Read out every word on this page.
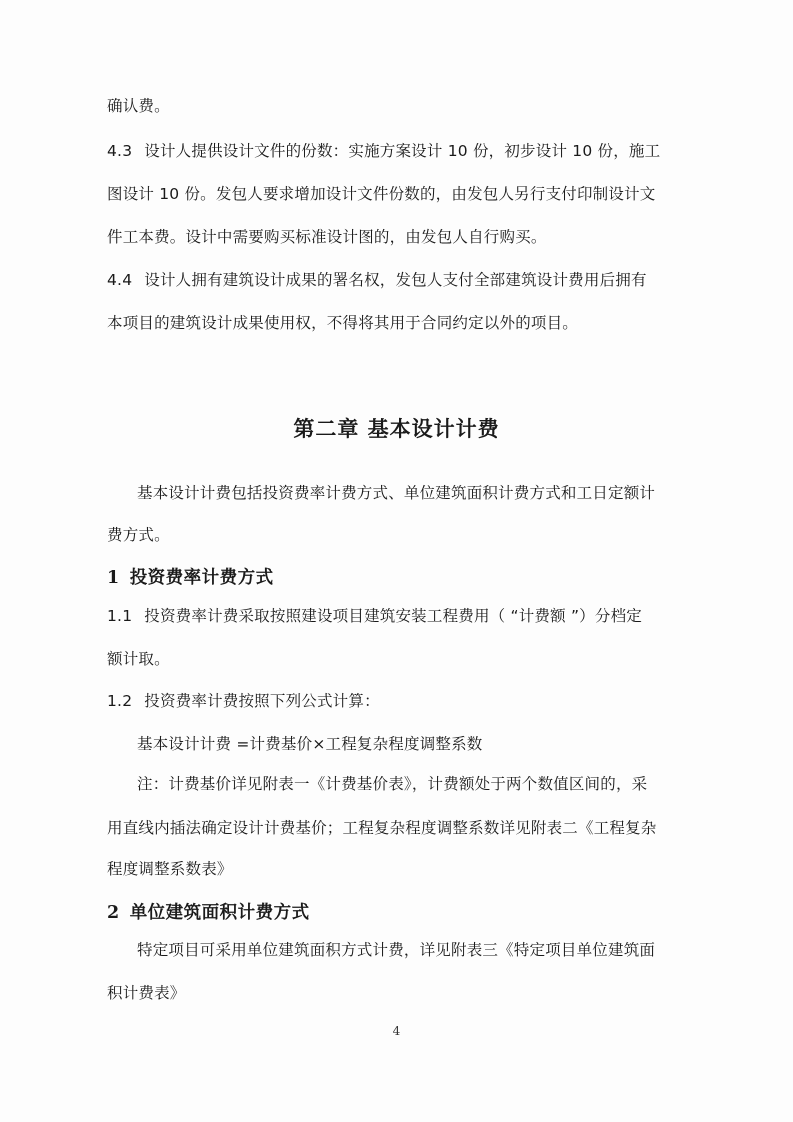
确认费。
4.3 设计人提供设计文件的份数：实施方案设计 10 份，初步设计 10 份，施工
图设计 10 份。发包人要求增加设计文件份数的，由发包人另行支付印制设计文
件工本费。设计中需要购买标准设计图的，由发包人自行购买。
4.4 设计人拥有建筑设计成果的署名权，发包人支付全部建筑设计费用后拥有
本项目的建筑设计成果使用权，不得将其用于合同约定以外的项目。
第二章 基本设计计费
基本设计计费包括投资费率计费方式、单位建筑面积计费方式和工日定额计
费方式。
1 投资费率计费方式
1.1 投资费率计费采取按照建设项目建筑安装工程费用（ “计费额 ”）分档定
额计取。
1.2 投资费率计费按照下列公式计算：
基本设计计费 =计费基价×工程复杂程度调整系数
注：计费基价详见附表一《计费基价表》，计费额处于两个数值区间的，采
用直线内插法确定设计计费基价；工程复杂程度调整系数详见附表二《工程复杂
程度调整系数表》
2 单位建筑面积计费方式
特定项目可采用单位建筑面积方式计费，详见附表三《特定项目单位建筑面
积计费表》
4
